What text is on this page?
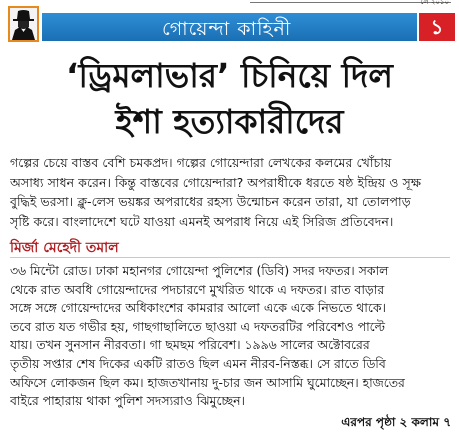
লে ২০১০
গোয়েন্দা কাহিনী	১
‘ড্রিমলাভার’ চিনিয়ে দিল
ইশা হত্যাকারীদের
গল্পের চেয়ে বাস্তব বেশি চমকপ্রদ। গল্পের গোয়েন্দারা লেখকের কলমের খোঁচায়
অসাধ্য সাধন করেন। কিন্তু বাস্তবের গোয়েন্দারা? অপরাধীকে ধরতে ষষ্ঠ ইন্দ্রিয় ও সূক্ষ
বুদ্ধিই ভরসা। ক্লু-লেস ভয়ঙ্কর অপরাধের রহস্য উন্মোচন করেন তারা, যা তোলপাড়
সৃষ্টি করে। বাংলাদেশে ঘটে যাওয়া এমনই অপরাধ নিয়ে এই সিরিজ প্রতিবেদন।
মির্জা মেহেদী তমাল
৩৬ মিন্টো রোড। ঢাকা মহানগর গোয়েন্দা পুলিশের (ডিবি) সদর দফতর। সকাল
থেকে রাত অবধি গোয়েন্দাদের পদচারণে মুখরিত থাকে এ দফতর। রাত বাড়ার
সঙ্গে সঙ্গে গোয়েন্দাদের অধিকাংশের কামরার আলো একে একে নিভতে থাকে।
তবে রাত যত গভীর হয়, গাছগাছালিতে ছাওয়া এ দফতরটির পরিবেশও পাল্টে
যায়। তখন সুনসান নীরবতা। গা ছমছম পরিবেশ। ১৯৯৬ সালের অক্টোবরের
তৃতীয় সপ্তার শেষ দিকের একটি রাতও ছিল এমন নীরব-নিস্তব্ধ। সে রাতে ডিবি
অফিসে লোকজন ছিল কম। হাজতখানায় দু-চার জন আসামি ঘুমোচ্ছেন। হাজতের
বাইরে পাহারায় থাকা পুলিশ সদস্যরাও ঝিমুচ্ছেন।
এরপর পৃষ্ঠা ২ কলাম ৭
